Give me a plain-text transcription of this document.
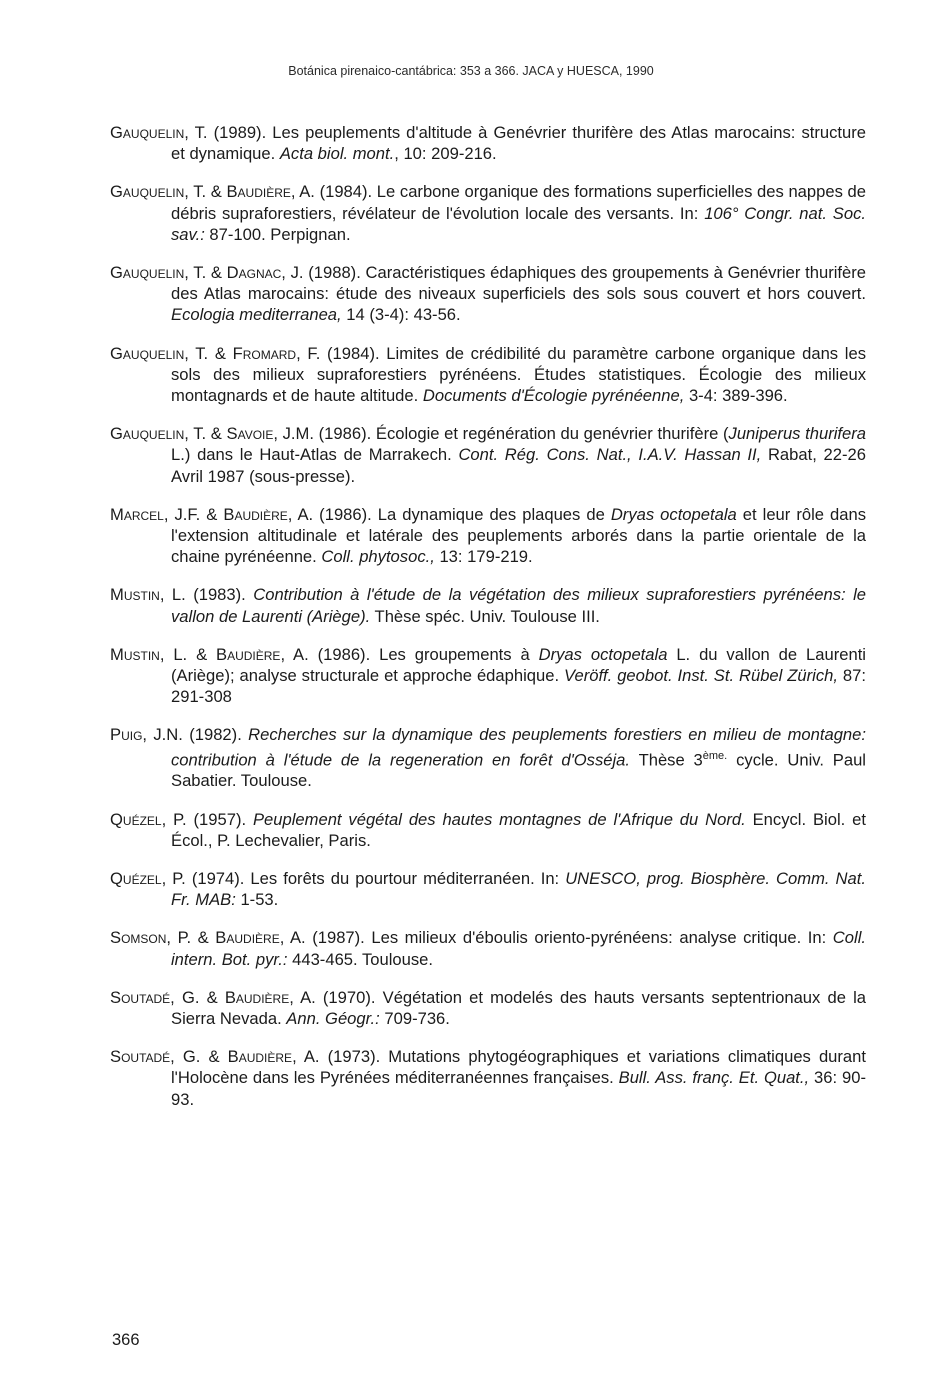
Botánica pirenaico-cantábrica: 353 a 366. JACA y HUESCA, 1990

Gauquelin, T. (1989). Les peuplements d'altitude à Genévrier thurifère des Atlas marocains: structure et dynamique. Acta biol. mont., 10: 209-216.

Gauquelin, T. & Baudière, A. (1984). Le carbone organique des formations superficielles des nappes de débris supraforestiers, révélateur de l'évolution locale des versants. In: 106° Congr. nat. Soc. sav.: 87-100. Perpignan.

Gauquelin, T. & Dagnac, J. (1988). Caractéristiques édaphiques des groupements à Genévrier thurifère des Atlas marocains: étude des niveaux superficiels des sols sous couvert et hors couvert. Ecologia mediterranea, 14 (3-4): 43-56.

Gauquelin, T. & Fromard, F. (1984). Limites de crédibilité du paramètre carbone organique dans les sols des milieux supraforestiers pyrénéens. Études statistiques. Écologie des milieux montagnards et de haute altitude. Documents d'Écologie pyrénéenne, 3-4: 389-396.

Gauquelin, T. & Savoie, J.M. (1986). Écologie et regénération du genévrier thurifère (Juniperus thurifera L.) dans le Haut-Atlas de Marrakech. Cont. Rég. Cons. Nat., I.A.V. Hassan II, Rabat, 22-26 Avril 1987 (sous-presse).

Marcel, J.F. & Baudière, A. (1986). La dynamique des plaques de Dryas octopetala et leur rôle dans l'extension altitudinale et latérale des peuplements arborés dans la partie orientale de la chaine pyrénéenne. Coll. phytosoc., 13: 179-219.

Mustin, L. (1983). Contribution à l'étude de la végétation des milieux supraforestiers pyrénéens: le vallon de Laurenti (Ariège). Thèse spéc. Univ. Toulouse III.

Mustin, L. & Baudière, A. (1986). Les groupements à Dryas octopetala L. du vallon de Laurenti (Ariège); analyse structurale et approche édaphique. Veröff. geobot. Inst. St. Rübel Zürich, 87: 291-308

Puig, J.N. (1982). Recherches sur la dynamique des peuplements forestiers en milieu de montagne: contribution à l'étude de la regeneration en forêt d'Osséja. Thèse $3^{ème.}$ cycle. Univ. Paul Sabatier. Toulouse.

Quézel, P. (1957). Peuplement végétal des hautes montagnes de l'Afrique du Nord. Encycl. Biol. et Écol., P. Lechevalier, Paris.

Quézel, P. (1974). Les forêts du pourtour méditerranéen. In: UNESCO, prog. Biosphère. Comm. Nat. Fr. MAB: 1-53.

Somson, P. & Baudière, A. (1987). Les milieux d'éboulis oriento-pyrénéens: analyse critique. In: Coll. intern. Bot. pyr.: 443-465. Toulouse.

Soutadé, G. & Baudière, A. (1970). Végétation et modelés des hauts versants septentrionaux de la Sierra Nevada. Ann. Géogr.: 709-736.

Soutadé, G. & Baudière, A. (1973). Mutations phytogéographiques et variations climatiques durant l'Holocène dans les Pyrénées méditerranéennes françaises. Bull. Ass. franç. Et. Quat., 36: 90-93.

366
